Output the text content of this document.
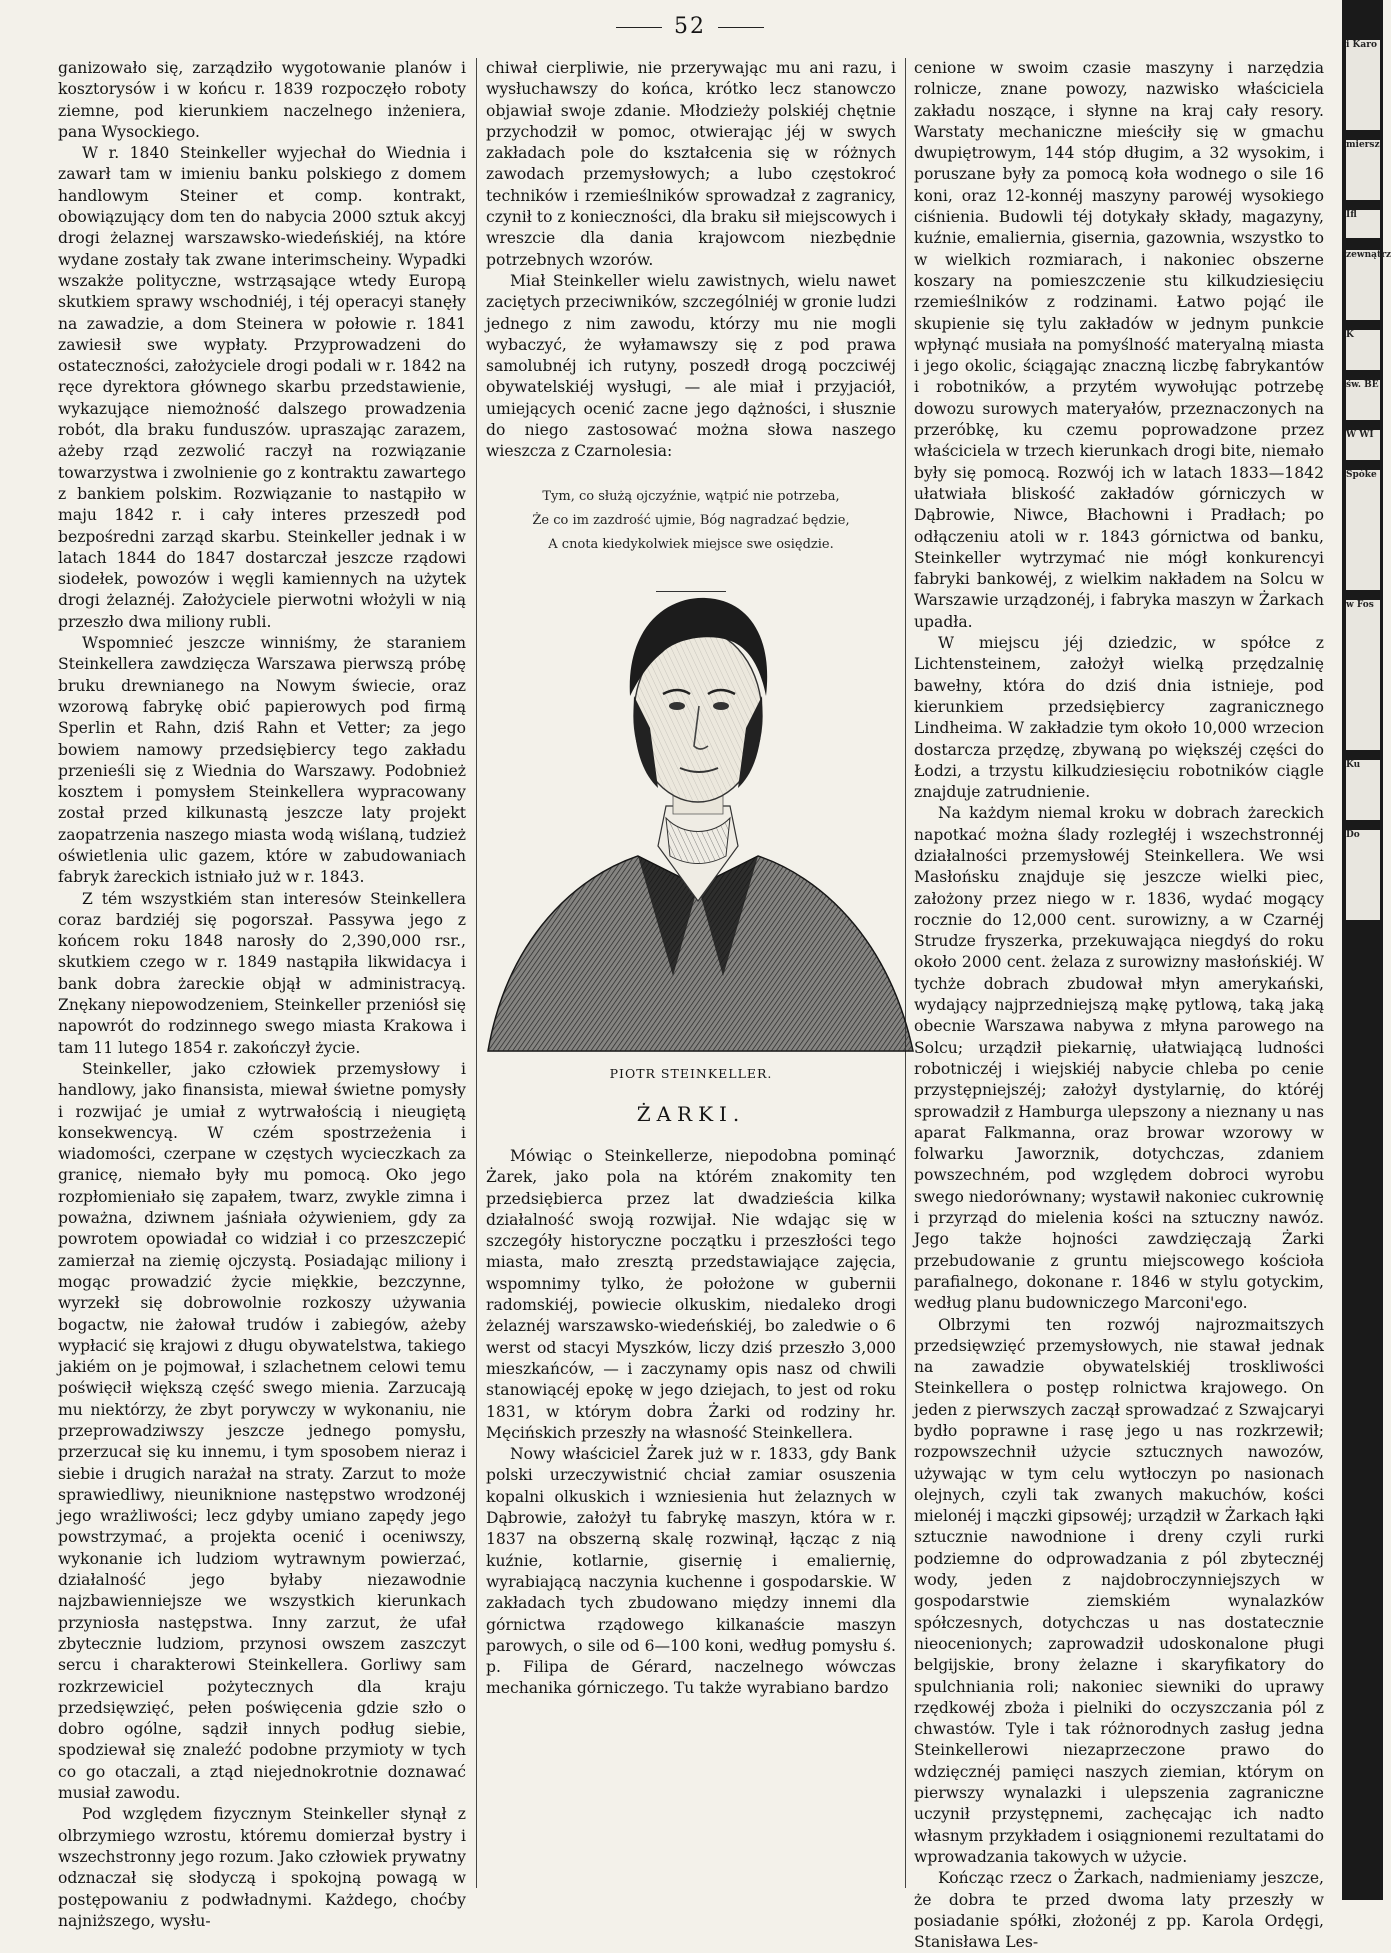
52

ganizowało się, zarządziło wygotowanie planów i kosztorysów i w końcu r. 1839 rozpoczęło roboty ziemne, pod kierunkiem naczelnego inżeniera, pana Wysockiego.

W r. 1840 Steinkeller wyjechał do Wiednia i zawarł tam w imieniu banku polskiego z domem handlowym Steiner et comp. kontrakt, obowiązujący dom ten do nabycia 2000 sztuk akcyj drogi żelaznej warszawsko-wiedeńskiéj, na które wydane zostały tak zwane interimscheiny. Wypadki wszakże polityczne, wstrząsające wtedy Europą skutkiem sprawy wschodniéj, i téj operacyi stanęły na zawadzie, a dom Steinera w połowie r. 1841 zawiesił swe wypłaty. Przyprowadzeni do ostateczności, założyciele drogi podali w r. 1842 na ręce dyrektora głównego skarbu przedstawienie, wykazujące niemożność dalszego prowadzenia robót, dla braku funduszów. upraszając zarazem, ażeby rząd zezwolić raczył na rozwiązanie towarzystwa i zwolnienie go z kontraktu zawartego z bankiem polskim. Rozwiązanie to nastąpiło w maju 1842 r. i cały interes przeszedł pod bezpośredni zarząd skarbu. Steinkeller jednak i w latach 1844 do 1847 dostarczał jeszcze rządowi siodełek, powozów i węgli kamiennych na użytek drogi żelaznéj. Założyciele pierwotni włożyli w nią przeszło dwa miliony rubli.

Wspomnieć jeszcze winniśmy, że staraniem Steinkellera zawdzięcza Warszawa pierwszą próbę bruku drewnianego na Nowym świecie, oraz wzorową fabrykę obić papierowych pod firmą Sperlin et Rahn, dziś Rahn et Vetter; za jego bowiem namowy przedsiębiercy tego zakładu przenieśli się z Wiednia do Warszawy. Podobnież kosztem i pomysłem Steinkellera wypracowany został przed kilkunastą jeszcze laty projekt zaopatrzenia naszego miasta wodą wiślaną, tudzież oświetlenia ulic gazem, które w zabudowaniach fabryk żareckich istniało już w r. 1843.

Z tém wszystkiém stan interesów Steinkellera coraz bardziéj się pogorszał. Passywa jego z końcem roku 1848 narosły do 2,390,000 rsr., skutkiem czego w r. 1849 nastąpiła likwidacya i bank dobra żareckie objął w administracyą. Znękany niepowodzeniem, Steinkeller przeniósł się napowrót do rodzinnego swego miasta Krakowa i tam 11 lutego 1854 r. zakończył życie.

Steinkeller, jako człowiek przemysłowy i handlowy, jako finansista, miewał świetne pomysły i rozwijać je umiał z wytrwałością i nieugiętą konsekwencyą. W czém spostrzeżenia i wiadomości, czerpane w częstych wycieczkach za granicę, niemało były mu pomocą. Oko jego rozpłomieniało się zapałem, twarz, zwykle zimna i poważna, dziwnem jaśniała ożywieniem, gdy za powrotem opowiadał co widział i co przeszczepić zamierzał na ziemię ojczystą. Posiadając miliony i mogąc prowadzić życie miękkie, bezczynne, wyrzekł się dobrowolnie rozkoszy używania bogactw, nie żałował trudów i zabiegów, ażeby wypłacić się krajowi z długu obywatelstwa, takiego jakiém on je pojmował, i szlachetnem celowi temu poświęcił większą część swego mienia. Zarzucają mu niektórzy, że zbyt porywczy w wykonaniu, nie przeprowadziwszy jeszcze jednego pomysłu, przerzucał się ku innemu, i tym sposobem nieraz i siebie i drugich narażał na straty. Zarzut to może sprawiedliwy, nieuniknione następstwo wrodzonéj jego wrażliwości; lecz gdyby umiano zapędy jego powstrzymać, a projekta ocenić i oceniwszy, wykonanie ich ludziom wytrawnym powierzać, działalność jego byłaby niezawodnie najzbawienniejsze we wszystkich kierunkach przyniosła następstwa. Inny zarzut, że ufał zbytecznie ludziom, przynosi owszem zaszczyt sercu i charakterowi Steinkellera. Gorliwy sam rozkrzewiciel pożytecznych dla kraju przedsięwzięć, pełen poświęcenia gdzie szło o dobro ogólne, sądził innych podług siebie, spodziewał się znaleźć podobne przymioty w tych co go otaczali, a ztąd niejednokrotnie doznawać musiał zawodu.

Pod względem fizycznym Steinkeller słynął z olbrzymiego wzrostu, któremu domierzał bystry i wszechstronny jego rozum. Jako człowiek prywatny odznaczał się słodyczą i spokojną powagą w postępowaniu z podwładnymi. Każdego, choćby najniższego, wysłu-

chiwał cierpliwie, nie przerywając mu ani razu, i wysłuchawszy do końca, krótko lecz stanowczo objawiał swoje zdanie. Młodzieży polskiéj chętnie przychodził w pomoc, otwierając jéj w swych zakładach pole do kształcenia się w różnych zawodach przemysłowych; a lubo częstokroć techników i rzemieślników sprowadzał z zagranicy, czynił to z konieczności, dla braku sił miejscowych i wreszcie dla dania krajowcom niezbędnie potrzebnych wzorów.

Miał Steinkeller wielu zawistnych, wielu nawet zaciętych przeciwników, szczególniéj w gronie ludzi jednego z nim zawodu, którzy mu nie mogli wybaczyć, że wyłamawszy się z pod prawa samolubnéj ich rutyny, poszedł drogą poczciwéj obywatelskiéj wysługi, — ale miał i przyjaciół, umiejących ocenić zacne jego dążności, i słusznie do niego zastosować można słowa naszego wieszcza z Czarnolesia:

Tym, co służą ojczyźnie, wątpić nie potrzeba,
Że co im zazdrość ujmie, Bóg nagradzać będzie,
A cnota kiedykolwiek miejsce swe osiędzie.
PIOTR STEINKELLER.
ŻARKI.

Mówiąc o Steinkellerze, niepodobna pominąć Żarek, jako pola na którém znakomity ten przedsiębierca przez lat dwadzieścia kilka działalność swoją rozwijał. Nie wdając się w szczegóły historyczne początku i przeszłości tego miasta, mało zresztą przedstawiające zajęcia, wspomnimy tylko, że położone w gubernii radomskiéj, powiecie olkuskim, niedaleko drogi żelaznéj warszawsko-wiedeńskiéj, bo zaledwie o 6 werst od stacyi Myszków, liczy dziś przeszło 3,000 mieszkańców, — i zaczynamy opis nasz od chwili stanowiącéj epokę w jego dziejach, to jest od roku 1831, w którym dobra Żarki od rodziny hr. Męcińskich przeszły na własność Steinkellera.

Nowy właściciel Żarek już w r. 1833, gdy Bank polski urzeczywistnić chciał zamiar osuszenia kopalni olkuskich i wzniesienia hut żelaznych w Dąbrowie, założył tu fabrykę maszyn, która w r. 1837 na obszerną skalę rozwinął, łącząc z nią kuźnie, kotlarnie, gisernię i emaliernię, wyrabiającą naczynia kuchenne i gospodarskie. W zakładach tych zbudowano między innemi dla górnictwa rządowego kilkanaście maszyn parowych, o sile od 6—100 koni, według pomysłu ś. p. Filipa de Gérard, naczelnego wówczas mechanika górniczego. Tu także wyrabiano bardzo

cenione w swoim czasie maszyny i narzędzia rolnicze, znane powozy, nazwisko właściciela zakładu noszące, i słynne na kraj cały resory. Warstaty mechaniczne mieściły się w gmachu dwupiętrowym, 144 stóp długim, a 32 wysokim, i poruszane były za pomocą koła wodnego o sile 16 koni, oraz 12-konnéj maszyny parowéj wysokiego ciśnienia. Budowli téj dotykały składy, magazyny, kuźnie, emaliernia, gisernia, gazownia, wszystko to w wielkich rozmiarach, i nakoniec obszerne koszary na pomieszczenie stu kilkudziesięciu rzemieślników z rodzinami. Łatwo pojąć ile skupienie się tylu zakładów w jednym punkcie wpłynąć musiała na pomyślność materyalną miasta i jego okolic, ściągając znaczną liczbę fabrykantów i robotników, a przytém wywołując potrzebę dowozu surowych materyałów, przeznaczonych na przeróbkę, ku czemu poprowadzone przez właściciela w trzech kierunkach drogi bite, niemało były się pomocą. Rozwój ich w latach 1833—1842 ułatwiała bliskość zakładów górniczych w Dąbrowie, Niwce, Błachowni i Pradłach; po odłączeniu atoli w r. 1843 górnictwa od banku, Steinkeller wytrzymać nie mógł konkurencyi fabryki bankowéj, z wielkim nakładem na Solcu w Warszawie urządzonéj, i fabryka maszyn w Żarkach upadła.

W miejscu jéj dziedzic, w spółce z Lichtensteinem, założył wielką przędzalnię bawełny, która do dziś dnia istnieje, pod kierunkiem przedsiębiercy zagranicznego Lindheima. W zakładzie tym około 10,000 wrzecion dostarcza przędzę, zbywaną po większéj części do Łodzi, a trzystu kilkudziesięciu robotników ciągle znajduje zatrudnienie.

Na każdym niemal kroku w dobrach żareckich napotkać można ślady rozległéj i wszechstronnéj działalności przemysłowéj Steinkellera. We wsi Masłońsku znajduje się jeszcze wielki piec, założony przez niego w r. 1836, wydać mogący rocznie do 12,000 cent. surowizny, a w Czarnéj Strudze fryszerka, przekuwająca niegdyś do roku około 2000 cent. żelaza z surowizny masłońskiéj. W tychże dobrach zbudował młyn amerykański, wydający najprzedniejszą mąkę pytlową, taką jaką obecnie Warszawa nabywa z młyna parowego na Solcu; urządził piekarnię, ułatwiającą ludności robotniczéj i wiejskiéj nabycie chleba po cenie przystępniejszéj; założył dystylarnię, do któréj sprowadził z Hamburga ulepszony a nieznany u nas aparat Falkmanna, oraz browar wzorowy w folwarku Jaworznik, dotychczas, zdaniem powszechném, pod względem dobroci wyrobu swego niedorównany; wystawił nakoniec cukrownię i przyrząd do mielenia kości na sztuczny nawóz. Jego także hojności zawdzięczają Żarki przebudowanie z gruntu miejscowego kościoła parafialnego, dokonane r. 1846 w stylu gotyckim, według planu budowniczego Marconi'ego.

Olbrzymi ten rozwój najrozmaitszych przedsięwzięć przemysłowych, nie stawał jednak na zawadzie obywatelskiéj troskliwości Steinkellera o postęp rolnictwa krajowego. On jeden z pierwszych zaczął sprowadzać z Szwajcaryi bydło poprawne i rasę jego u nas rozkrzewił; rozpowszechnił użycie sztucznych nawozów, używając w tym celu wytłoczyn po nasionach olejnych, czyli tak zwanych makuchów, kości mielonéj i mączki gipsowéj; urządził w Żarkach łąki sztucznie nawodnione i dreny czyli rurki podziemne do odprowadzania z pól zbytecznéj wody, jeden z najdobroczynniejszych w gospodarstwie ziemskiém wynalazków spółczesnych, dotychczas u nas dostatecznie nieocenionych; zaprowadził udoskonalone pługi belgijskie, brony żelazne i skaryfikatory do spulchniania roli; nakoniec siewniki do uprawy rzędkowéj zboża i pielniki do oczyszczania pól z chwastów. Tyle i tak różnorodnych zasług jedna Steinkellerowi niezaprzeczone prawo do wdzięcznéj pamięci naszych ziemian, którym on pierwszy wynalazki i ulepszenia zagraniczne uczynił przystępnemi, zachęcając ich nadto własnym przykładem i osiągnionemi rezultatami do wprowadzania takowych w użycie.

Kończąc rzecz o Żarkach, nadmieniamy jeszcze, że dobra te przed dwoma laty przeszły w posiadanie spółki, złożonéj z pp. Karola Ordęgi, Stanisława Les-

i Karo
miersz
Ifl
zewnątrz
K
św. BE
W WI
Spóke
w Fos
Ku
Do
